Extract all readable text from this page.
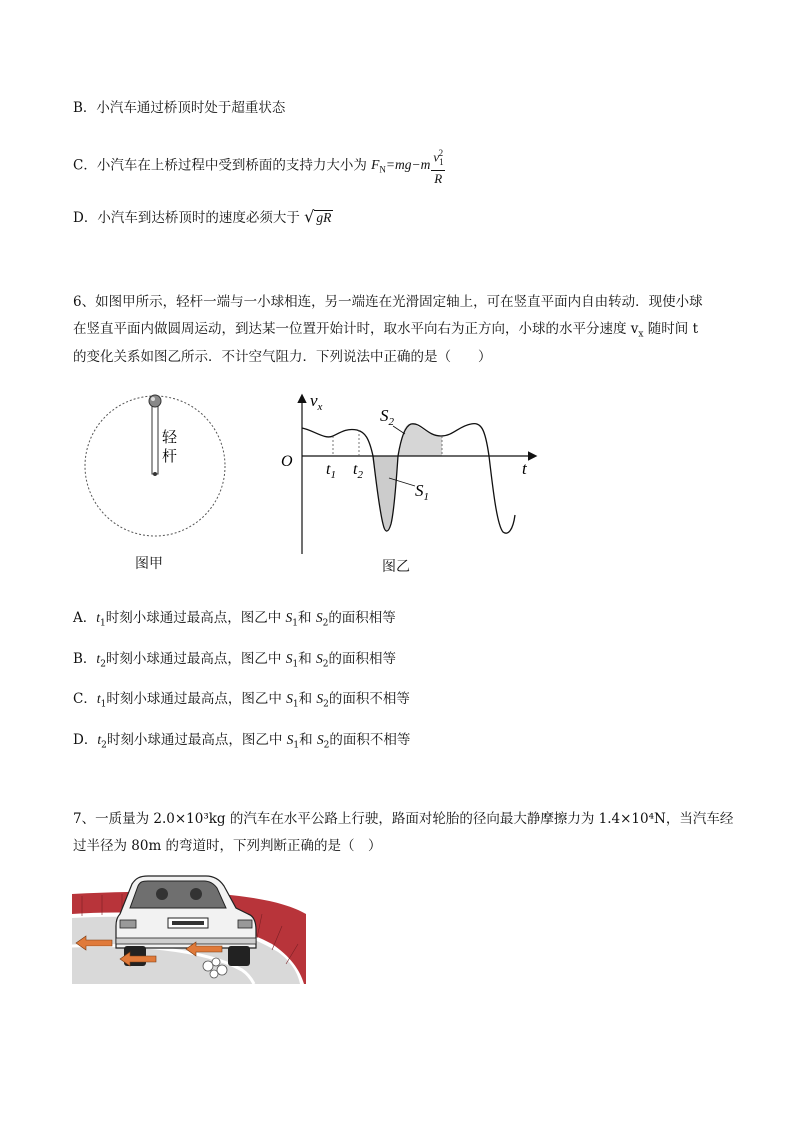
B．小汽车通过桥顶时处于超重状态
C．小汽车在上桥过程中受到桥面的支持力大小为 $F_N=mg-m \frac{v_1^2}{R}$
D．小汽车到达桥顶时的速度必须大于 √ gR
6、如图甲所示，轻杆一端与一小球相连，另一端连在光滑固定轴上，可在竖直平面内自由转动．现使小球
在竖直平面内做圆周运动，到达某一位置开始计时，取水平向右为正方向，小球的水平分速度 $v_x$ 随时间 t
的变化关系如图乙所示．不计空气阻力．下列说法中正确的是（　　）
轻
杆
图甲
$v_x$
t
O $t_1$ $t_2$
$S_2$
$S_1$
图乙
A．$t_1$时刻小球通过最高点，图乙中 $S_1$和 $S_2$的面积相等
B．$t_2$时刻小球通过最高点，图乙中 $S_1$和 $S_2$的面积相等
C．$t_1$时刻小球通过最高点，图乙中 $S_1$和 $S_2$的面积不相等
D．$t_2$时刻小球通过最高点，图乙中 $S_1$和 $S_2$的面积不相等
7、一质量为 2.0×10³kg 的汽车在水平公路上行驶，路面对轮胎的径向最大静摩擦力为 1.4×10⁴N，当汽车经
过半径为 80m 的弯道时，下列判断正确的是（　）
